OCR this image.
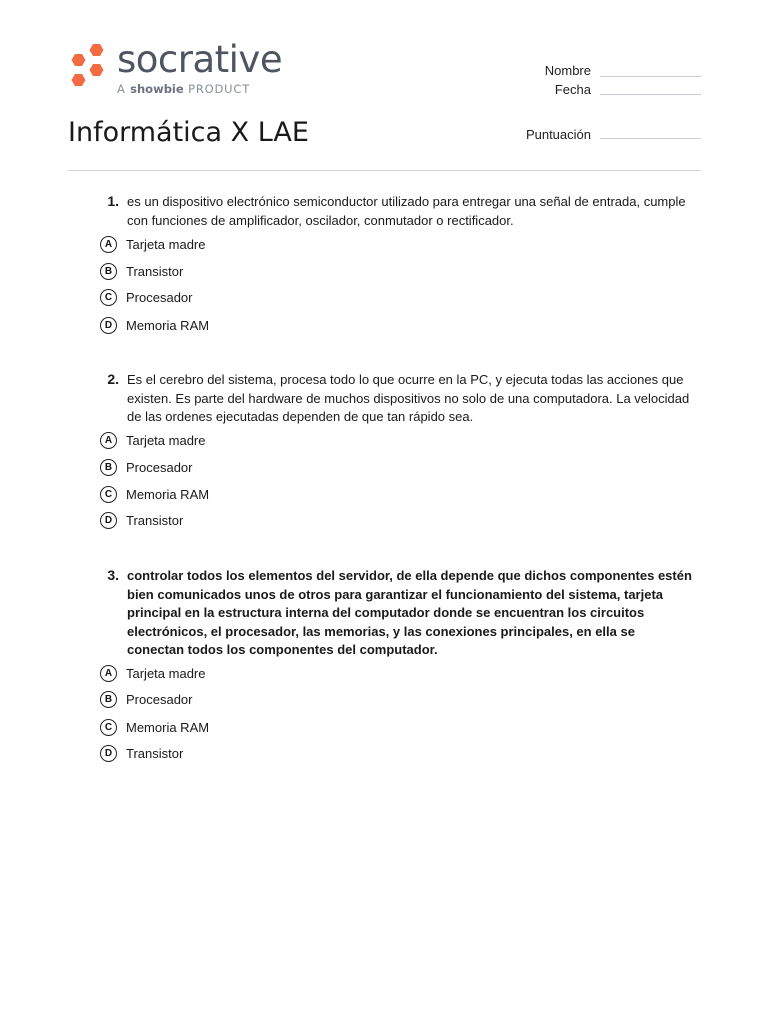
socrative
A showbie PRODUCT
Informática X LAE
Nombre
Fecha
Puntuación
1. es un dispositivo electrónico semiconductor utilizado para entregar una señal de entrada, cumple con funciones de amplificador, oscilador, conmutador o rectificador.
A	Tarjeta madre
B	Transistor
C	Procesador
D	Memoria RAM
2. Es el cerebro del sistema, procesa todo lo que ocurre en la PC, y ejecuta todas las acciones que existen. Es parte del hardware de muchos dispositivos no solo de una computadora. La velocidad de las ordenes ejecutadas dependen de que tan rápido sea.
A	Tarjeta madre
B	Procesador
C	Memoria RAM
D	Transistor
3. controlar todos los elementos del servidor, de ella depende que dichos componentes estén bien comunicados unos de otros para garantizar el funcionamiento del sistema, tarjeta principal en la estructura interna del computador donde se encuentran los circuitos electrónicos, el procesador, las memorias, y las conexiones principales, en ella se conectan todos los componentes del computador.
A	Tarjeta madre
B	Procesador
C	Memoria RAM
D	Transistor
